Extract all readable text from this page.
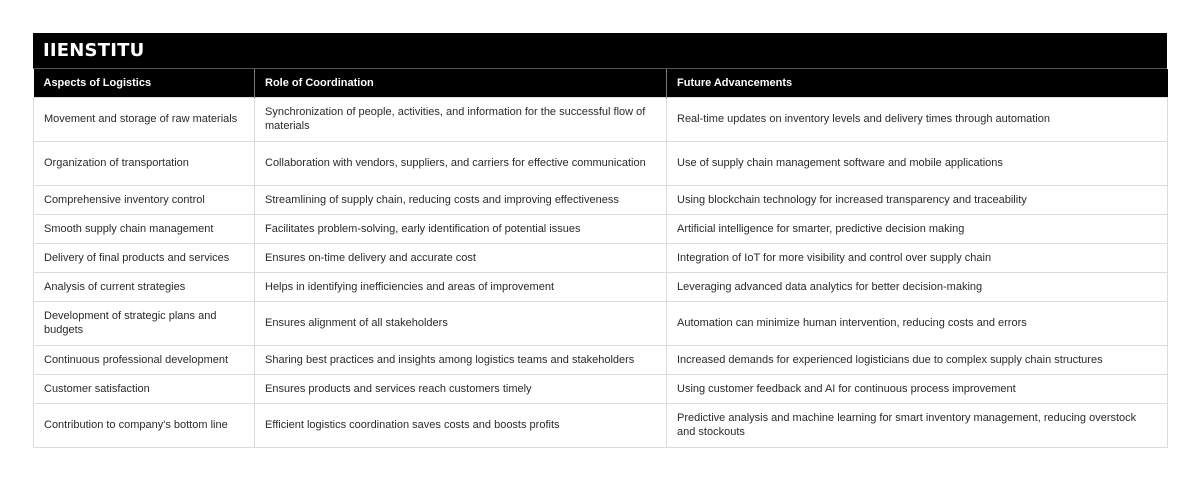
IIENSTITU
Aspects of Logistics	Role of Coordination	Future Advancements
Movement and storage of raw materials	Synchronization of people, activities, and information for the successful flow of materials	Real-time updates on inventory levels and delivery times through automation
Organization of transportation	Collaboration with vendors, suppliers, and carriers for effective communication	Use of supply chain management software and mobile applications
Comprehensive inventory control	Streamlining of supply chain, reducing costs and improving effectiveness	Using blockchain technology for increased transparency and traceability
Smooth supply chain management	Facilitates problem-solving, early identification of potential issues	Artificial intelligence for smarter, predictive decision making
Delivery of final products and services	Ensures on-time delivery and accurate cost	Integration of IoT for more visibility and control over supply chain
Analysis of current strategies	Helps in identifying inefficiencies and areas of improvement	Leveraging advanced data analytics for better decision-making
Development of strategic plans and budgets	Ensures alignment of all stakeholders	Automation can minimize human intervention, reducing costs and errors
Continuous professional development	Sharing best practices and insights among logistics teams and stakeholders	Increased demands for experienced logisticians due to complex supply chain structures
Customer satisfaction	Ensures products and services reach customers timely	Using customer feedback and AI for continuous process improvement
Contribution to company's bottom line	Efficient logistics coordination saves costs and boosts profits	Predictive analysis and machine learning for smart inventory management, reducing overstock and stockouts
